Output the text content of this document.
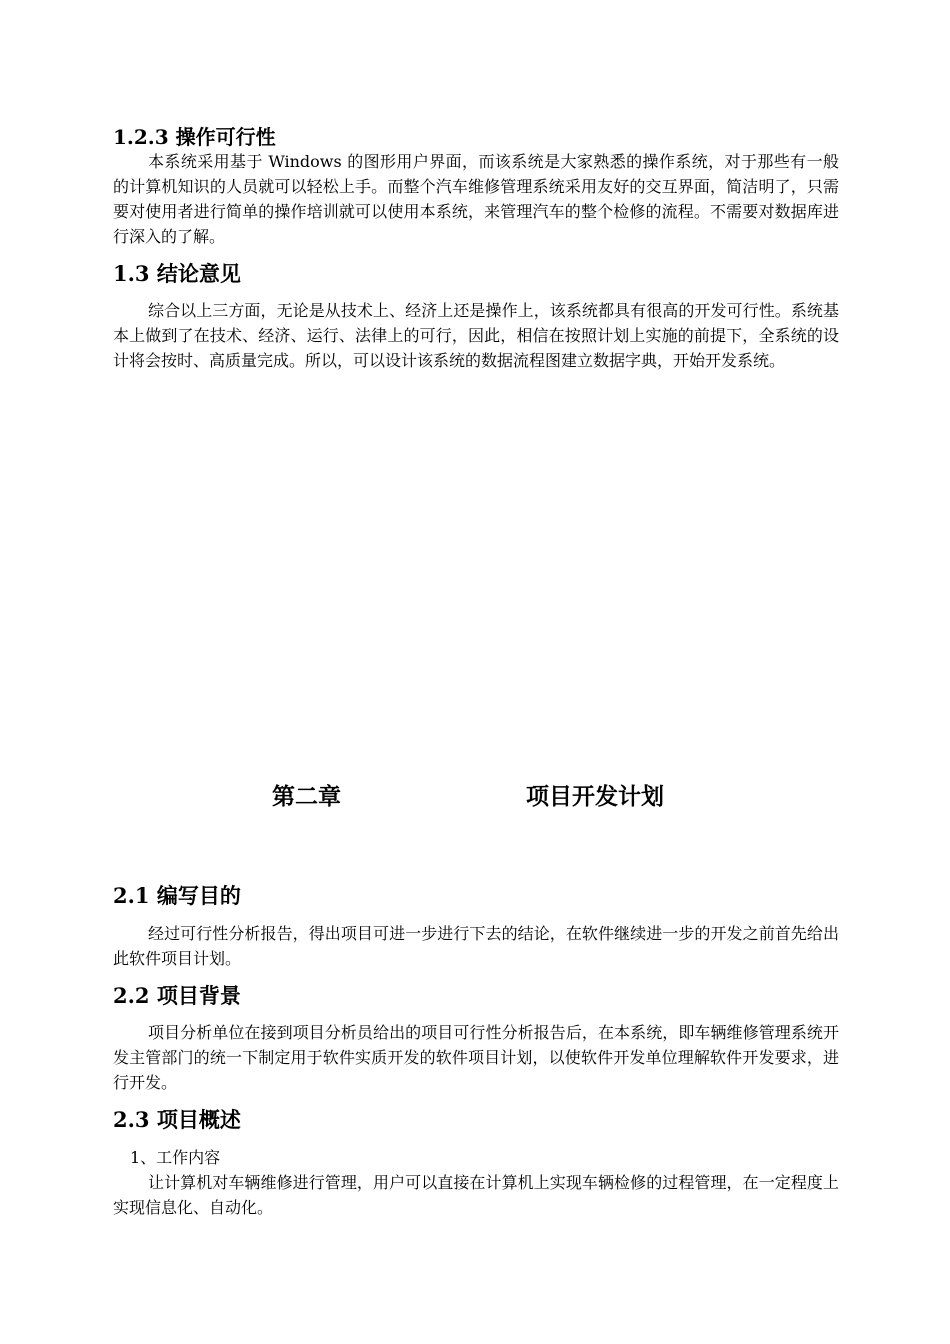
1.2.3 操作可行性

本系统采用基于 Windows 的图形用户界面，而该系统是大家熟悉的操作系统，对于那些有一般的计算机知识的人员就可以轻松上手。而整个汽车维修管理系统采用友好的交互界面，简洁明了，只需要对使用者进行简单的操作培训就可以使用本系统，来管理汽车的整个检修的流程。不需要对数据库进行深入的了解。

1.3 结论意见

综合以上三方面，无论是从技术上、经济上还是操作上，该系统都具有很高的开发可行性。系统基本上做到了在技术、经济、运行、法律上的可行，因此，相信在按照计划上实施的前提下，全系统的设计将会按时、高质量完成。所以，可以设计该系统的数据流程图建立数据字典，开始开发系统。

第二章	项目开发计划
2.1 编写目的

经过可行性分析报告，得出项目可进一步进行下去的结论，在软件继续进一步的开发之前首先给出此软件项目计划。

2.2 项目背景

项目分析单位在接到项目分析员给出的项目可行性分析报告后，在本系统，即车辆维修管理系统开发主管部门的统一下制定用于软件实质开发的软件项目计划，以使软件开发单位理解软件开发要求，进行开发。

2.3 项目概述

1、工作内容

让计算机对车辆维修进行管理，用户可以直接在计算机上实现车辆检修的过程管理，在一定程度上实现信息化、自动化。
